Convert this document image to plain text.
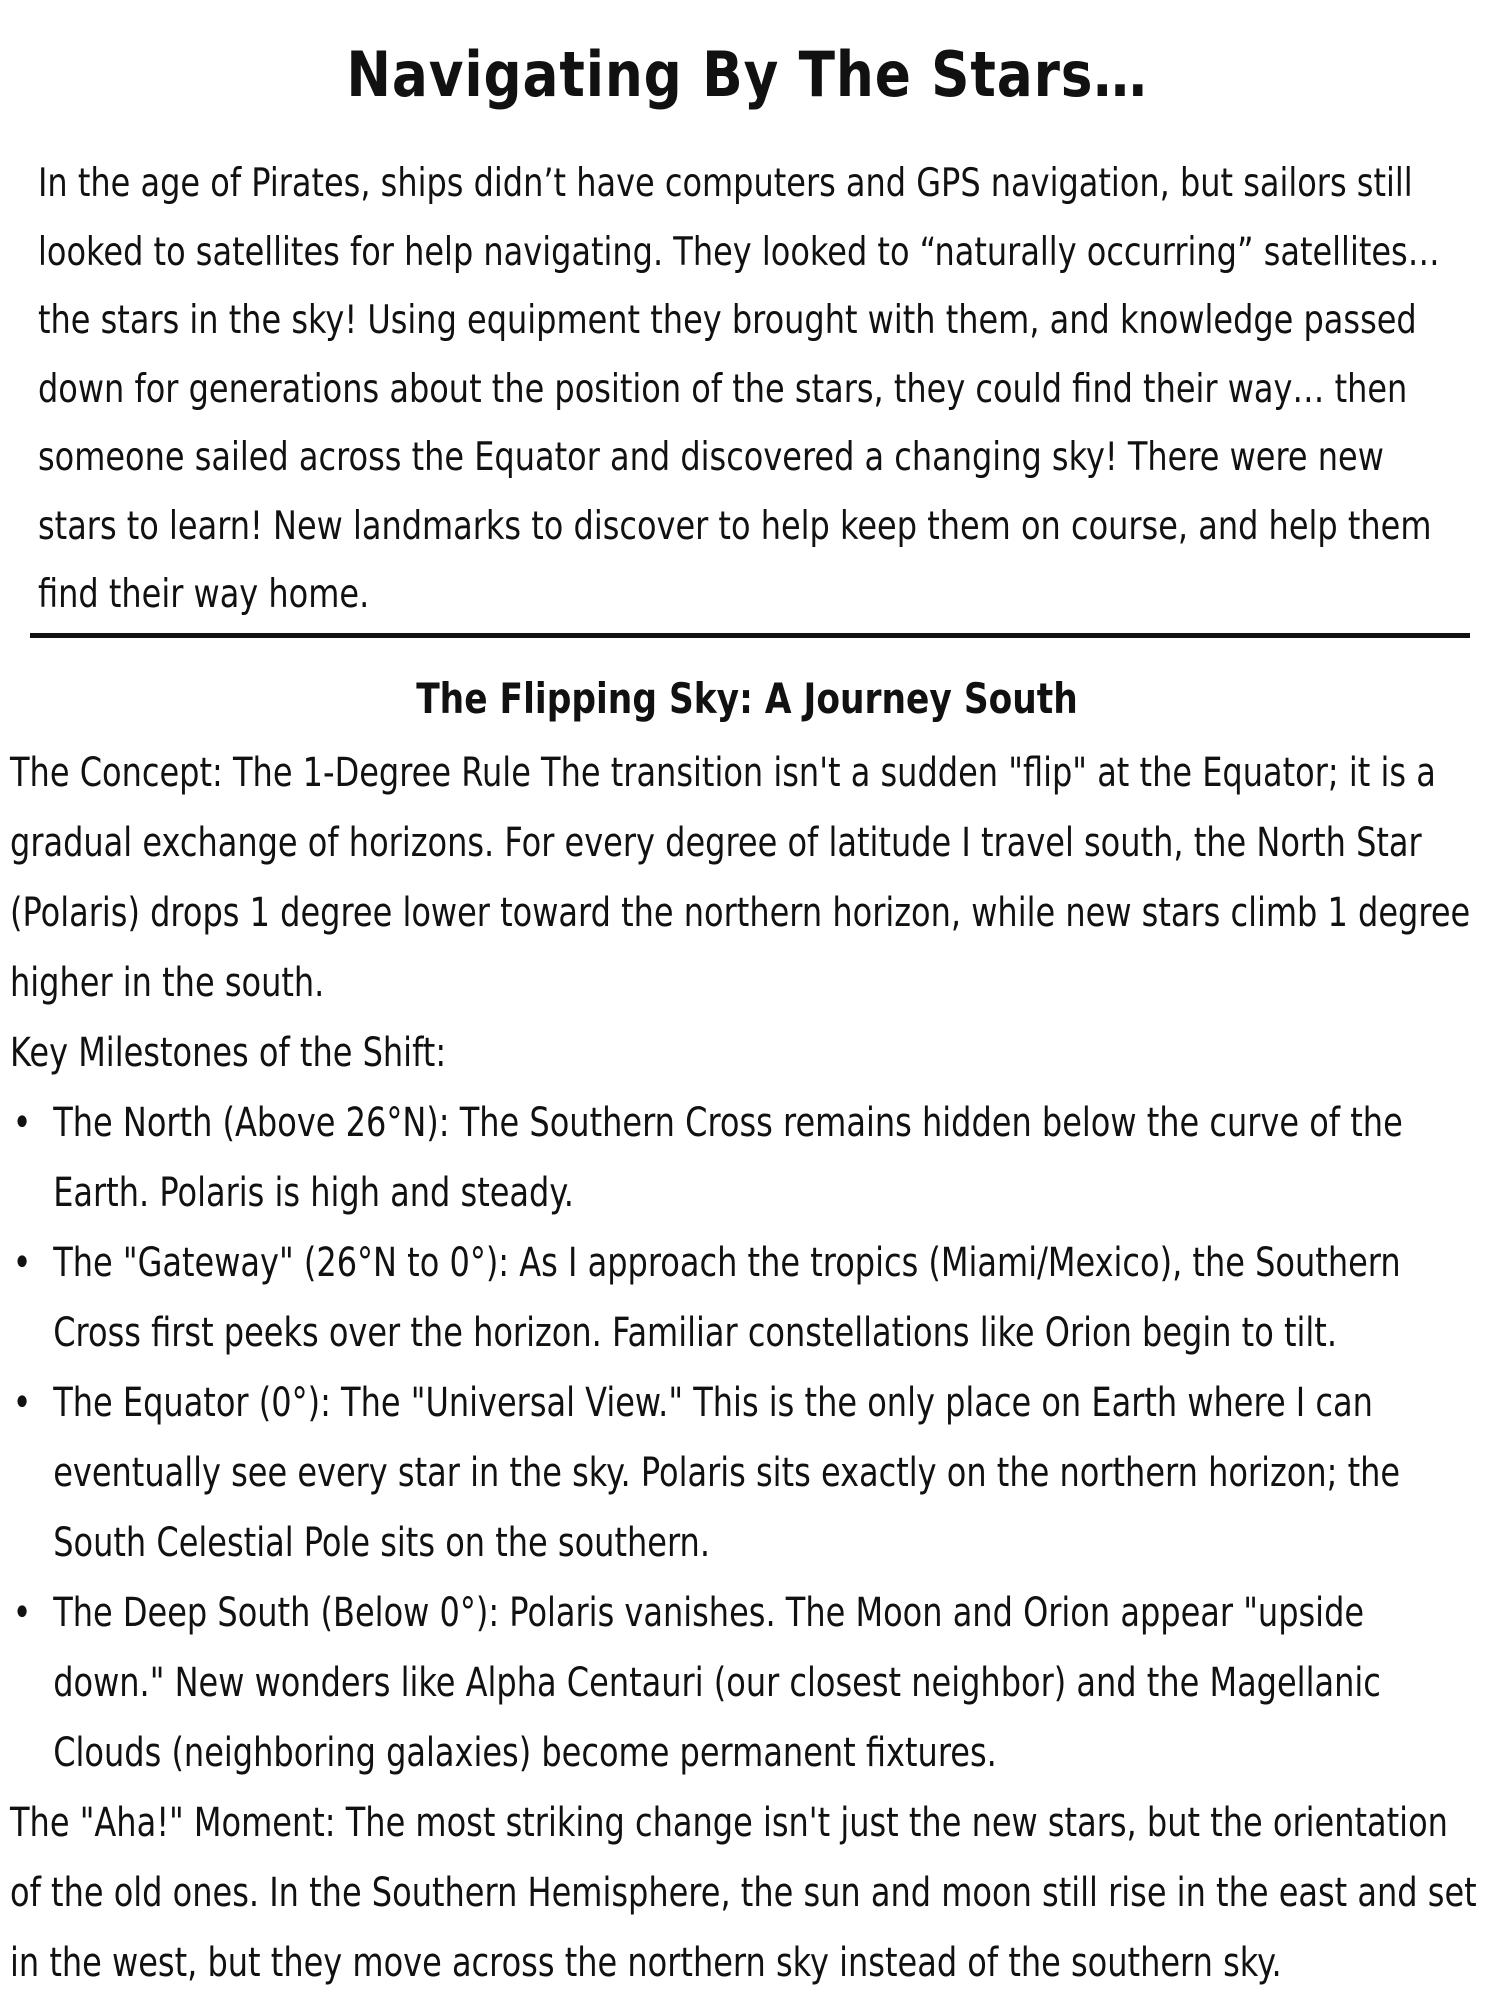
Navigating By The Stars…
In the age of Pirates, ships didn’t have computers and GPS navigation, but sailors still
looked to satellites for help navigating. They looked to “naturally occurring” satellites…
the stars in the sky! Using equipment they brought with them, and knowledge passed
down for generations about the position of the stars, they could find their way… then
someone sailed across the Equator and discovered a changing sky! There were new
stars to learn! New landmarks to discover to help keep them on course, and help them
find their way home.
The Flipping Sky: A Journey South
The Concept: The 1-Degree Rule The transition isn't a sudden "flip" at the Equator; it is a
gradual exchange of horizons. For every degree of latitude I travel south, the North Star
(Polaris) drops 1 degree lower toward the northern horizon, while new stars climb 1 degree
higher in the south.
Key Milestones of the Shift:
• The North (Above 26°N): The Southern Cross remains hidden below the curve of the
Earth. Polaris is high and steady.
• The "Gateway" (26°N to 0°): As I approach the tropics (Miami/Mexico), the Southern
Cross first peeks over the horizon. Familiar constellations like Orion begin to tilt.
• The Equator (0°): The "Universal View." This is the only place on Earth where I can
eventually see every star in the sky. Polaris sits exactly on the northern horizon; the
South Celestial Pole sits on the southern.
• The Deep South (Below 0°): Polaris vanishes. The Moon and Orion appear "upside
down." New wonders like Alpha Centauri (our closest neighbor) and the Magellanic
Clouds (neighboring galaxies) become permanent fixtures.
The "Aha!" Moment: The most striking change isn't just the new stars, but the orientation
of the old ones. In the Southern Hemisphere, the sun and moon still rise in the east and set
in the west, but they move across the northern sky instead of the southern sky.
